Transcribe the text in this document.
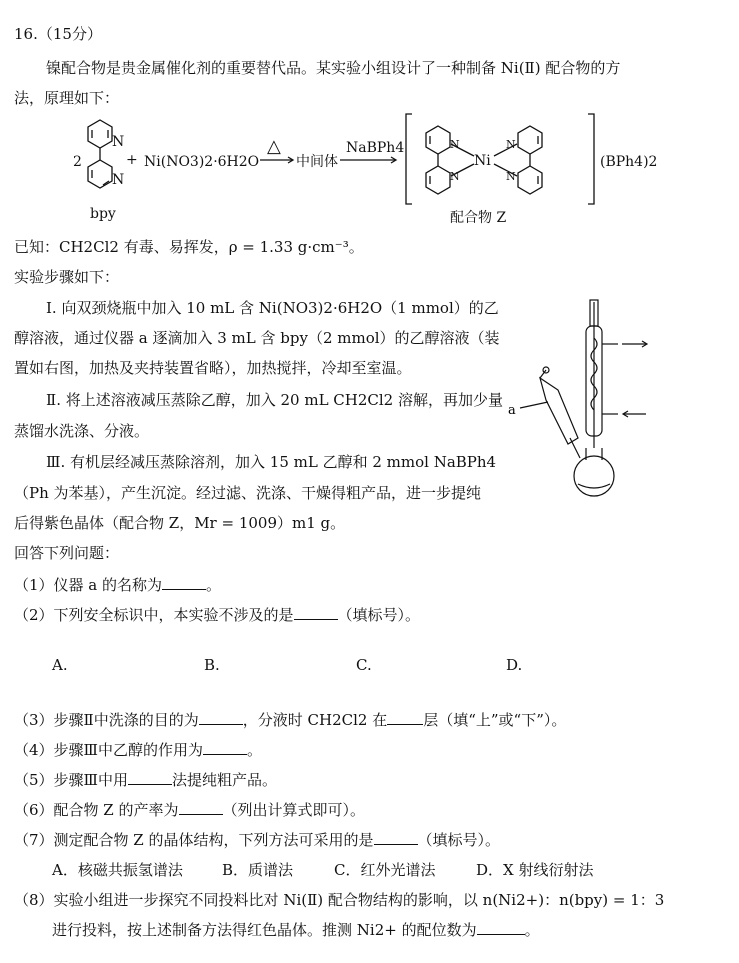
16.（15分）
镍配合物是贵金属催化剂的重要替代品。某实验小组设计了一种制备 Ni(Ⅱ) 配合物的方
法，原理如下：
N
N
2	+ Ni(NO3)2·6H2O
△
中间体
NaBPh4
bpy
Ni
N
N
N
N
(BPh4)2
配合物 Z
已知：CH2Cl2 有毒、易挥发，ρ = 1.33 g·cm⁻³。
实验步骤如下：
Ⅰ. 向双颈烧瓶中加入 10 mL 含 Ni(NO3)2·6H2O（1 mmol）的乙
醇溶液，通过仪器 a 逐滴加入 3 mL 含 bpy（2 mmol）的乙醇溶液（装
置如右图，加热及夹持装置省略），加热搅拌，冷却至室温。
Ⅱ. 将上述溶液减压蒸除乙醇，加入 20 mL CH2Cl2 溶解，再加少量
蒸馏水洗涤、分液。
Ⅲ. 有机层经减压蒸除溶剂，加入 15 mL 乙醇和 2 mmol NaBPh4
（Ph 为苯基），产生沉淀。经过滤、洗涤、干燥得粗产品，进一步提纯
后得紫色晶体（配合物 Z，Mr = 1009）m1 g。
a
回答下列问题：
（1）仪器 a 的名称为	。
（2）下列安全标识中，本实验不涉及的是	（填标号）。
A.	B.	C.	D.
（3）步骤Ⅱ中洗涤的目的为	，分液时 CH2Cl2 在 层（填“上”或“下”）。
（4）步骤Ⅲ中乙醇的作用为	。
（5）步骤Ⅲ中用	法提纯粗产品。
（6）配合物 Z 的产率为	（列出计算式即可）。
（7）测定配合物 Z 的晶体结构，下列方法可采用的是	（填标号）。
A．核磁共振氢谱法	B．质谱法	C．红外光谱法	D．X 射线衍射法
（8）实验小组进一步探究不同投料比对 Ni(Ⅱ) 配合物结构的影响，以 n(Ni2+)：n(bpy) = 1：3
进行投料，按上述制备方法得红色晶体。推测 Ni2+ 的配位数为	。
